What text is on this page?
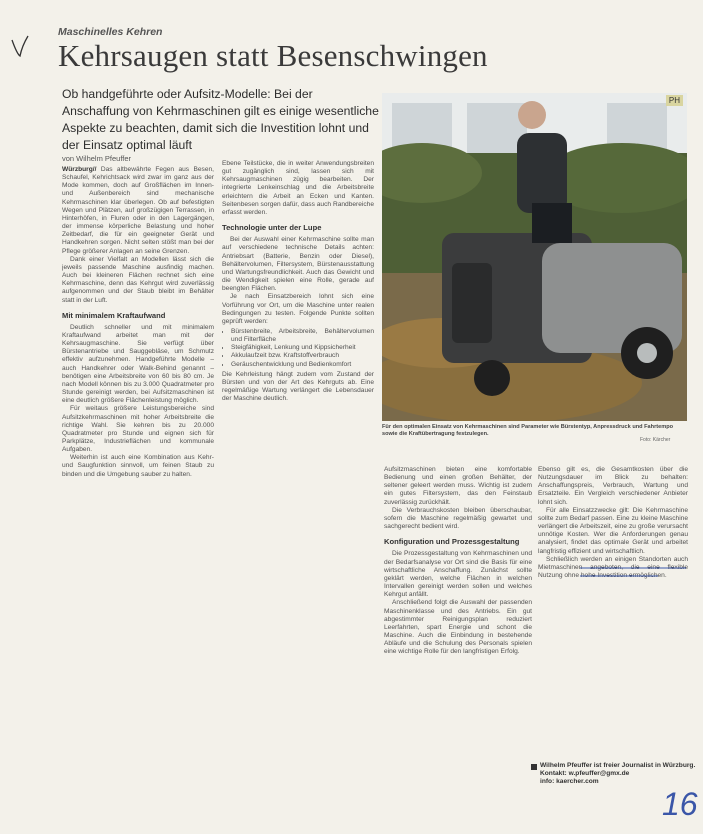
Maschinelles Kehren
Kehrsaugen statt Besenschwingen
Ob handgeführte oder Aufsitz-Modelle: Bei der Anschaffung von Kehrmaschinen gilt es einige wesentliche Aspekte zu beachten, damit sich die Investition lohnt und der Einsatz optimal läuft
von Wilhelm Pfeuffer

Würzburg// Das altbewährte Fegen aus Besen, Schaufel, Kehrichtsack wird zwar im ganz aus der Mode kommen, doch auf Großflächen im Innen- und Außenbereich sind mechanische Kehrmaschinen klar überlegen. Ob auf befestigten Wegen und Plätzen, auf großzügigen Terrassen, in Hinterhöfen, in Fluren oder in den Lagergängen, der immense körperliche Belastung und hoher Zeitbedarf, die für ein geeigneter Gerät und Handkehren sorgen. Nicht selten stößt man bei der Pflege größerer Anlagen an seine Grenzen.

Dank einer Vielfalt an Modellen lässt sich die jeweils passende Maschine ausfindig machen. Auch bei kleineren Flächen rechnet sich eine Kehrmaschine, denn das Kehrgut wird zuverlässig aufgenommen und der Staub bleibt im Behälter statt in der Luft.

Mit minimalem Kraftaufwand

Deutlich schneller und mit minimalem Kraftaufwand arbeitet man mit der Kehrsaugmaschine. Sie verfügt über Bürstenantriebe und Sauggebläse, um Schmutz effektiv aufzunehmen. Handgeführte Modelle – auch Handkehrer oder Walk-Behind genannt – benötigen eine Arbeitsbreite von 60 bis 80 cm. Je nach Modell können bis zu 3.000 Quadratmeter pro Stunde gereinigt werden, bei Aufsitzmaschinen ist eine deutlich größere Flächenleistung möglich.

Für weitaus größere Leistungsbereiche sind Aufsitzkehrmaschinen mit hoher Arbeitsbreite die richtige Wahl. Sie kehren bis zu 20.000 Quadratmeter pro Stunde und eignen sich für Parkplätze, Industrieflächen und kommunale Aufgaben.

Weiterhin ist auch eine Kombination aus Kehr- und Saugfunktion sinnvoll, um feinen Staub zu binden und die Umgebung sauber zu halten.

Ebene Teilstücke, die in weiter Anwendungsbreiten gut zugänglich sind, lassen sich mit Kehrsaugmaschinen zügig bearbeiten. Der integrierte Lenkeinschlag und die Arbeitsbreite erleichtern die Arbeit an Ecken und Kanten. Seitenbesen sorgen dafür, dass auch Randbereiche erfasst werden.

Technologie unter der Lupe

Bei der Auswahl einer Kehrmaschine sollte man auf verschiedene technische Details achten: Antriebsart (Batterie, Benzin oder Diesel), Behältervolumen, Filtersystem, Bürstenausstattung und Wartungsfreundlichkeit. Auch das Gewicht und die Wendigkeit spielen eine Rolle, gerade auf beengten Flächen.

Je nach Einsatzbereich lohnt sich eine Vorführung vor Ort, um die Maschine unter realen Bedingungen zu testen. Folgende Punkte sollten geprüft werden:

• Bürstenbreite, Arbeitsbreite, Behältervolumen und Filterfläche
• Steigfähigkeit, Lenkung und Kippsicherheit
• Akkulaufzeit bzw. Kraftstoffverbrauch
• Geräuschentwicklung und Bedienkomfort

Die Kehrleistung hängt zudem vom Zustand der Bürsten und von der Art des Kehrguts ab. Eine regelmäßige Wartung verlängert die Lebensdauer der Maschine deutlich.

PH
Für den optimalen Einsatz von Kehrmaschinen sind Parameter wie Bürstentyp, Anpressdruck und Fahrtempo sowie die Kraftübertragung festzulegen.
Foto: Kärcher

Aufsitzmaschinen bieten eine komfortable Bedienung und einen großen Behälter, der seltener geleert werden muss. Wichtig ist zudem ein gutes Filtersystem, das den Feinstaub zuverlässig zurückhält.

Die Verbrauchskosten bleiben überschaubar, sofern die Maschine regelmäßig gewartet und sachgerecht bedient wird.

Konfiguration und Prozessgestaltung

Die Prozessgestaltung von Kehrmaschinen und der Bedarfsanalyse vor Ort sind die Basis für eine wirtschaftliche Anschaffung. Zunächst sollte geklärt werden, welche Flächen in welchen Intervallen gereinigt werden sollen und welches Kehrgut anfällt.

Anschließend folgt die Auswahl der passenden Maschinenklasse und des Antriebs. Ein gut abgestimmter Reinigungsplan reduziert Leerfahrten, spart Energie und schont die Maschine. Auch die Einbindung in bestehende Abläufe und die Schulung des Personals spielen eine wichtige Rolle für den langfristigen Erfolg.

Ebenso gilt es, die Gesamtkosten über die Nutzungsdauer im Blick zu behalten: Anschaffungspreis, Verbrauch, Wartung und Ersatzteile. Ein Vergleich verschiedener Anbieter lohnt sich.

Für alle Einsatzzwecke gilt: Die Kehrmaschine sollte zum Bedarf passen. Eine zu kleine Maschine verlängert die Arbeitszeit, eine zu große verursacht unnötige Kosten. Wer die Anforderungen genau analysiert, findet das optimale Gerät und arbeitet langfristig effizient und wirtschaftlich.

Schließlich werden an einigen Standorten auch Mietmaschinen angeboten, die eine flexible Nutzung ohne hohe Investition ermöglichen.

Wilhelm Pfeuffer ist freier Journalist in Würzburg.
Kontakt: w.pfeuffer@gmx.de
info: kaercher.com
16
